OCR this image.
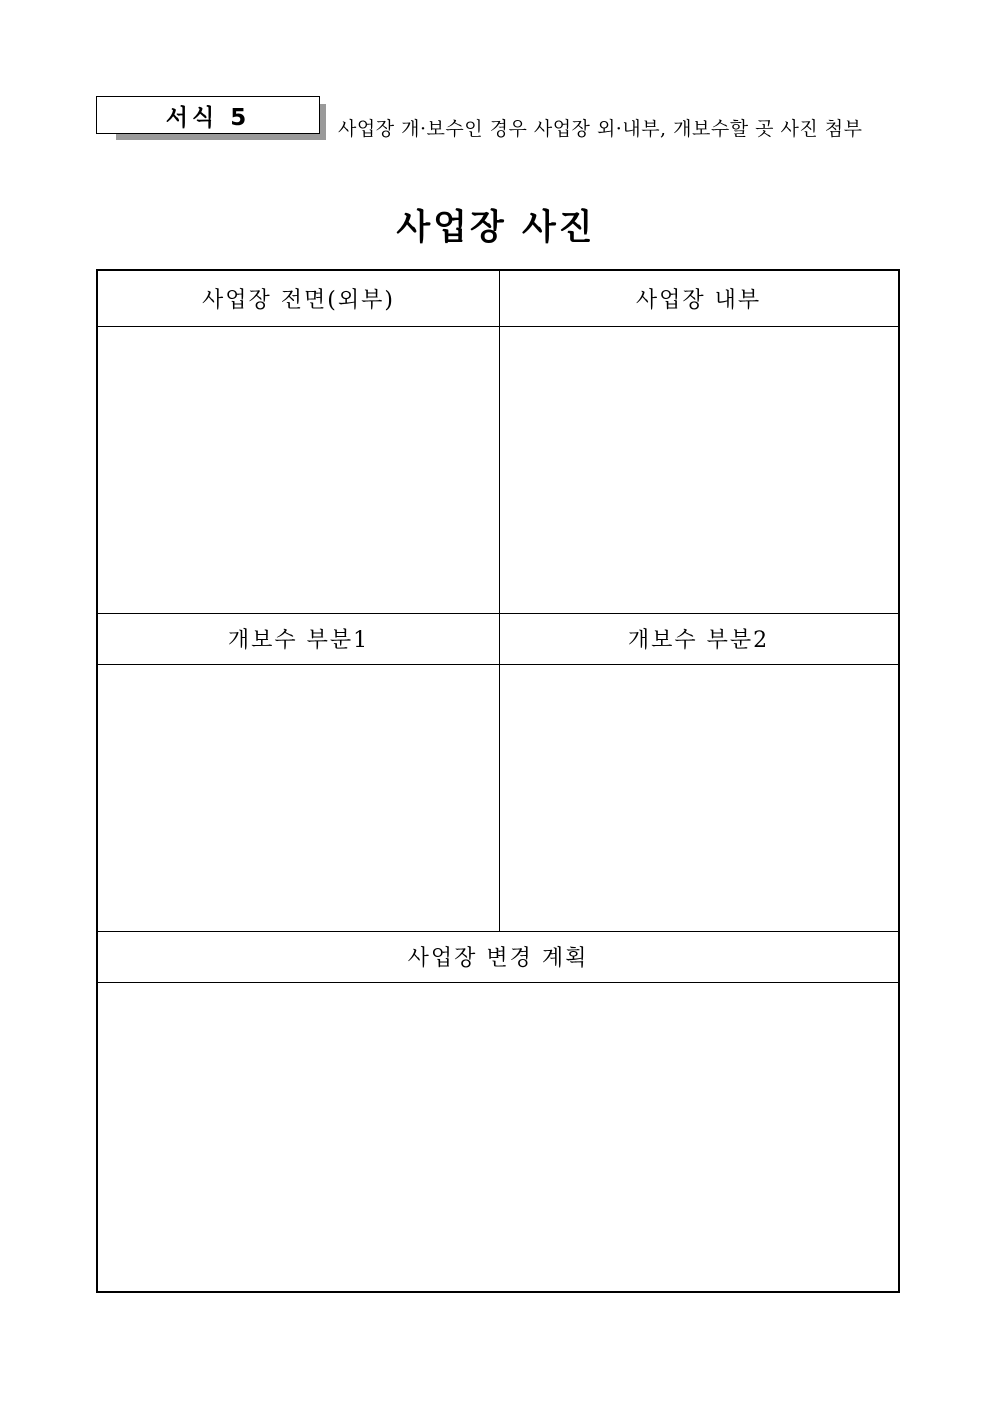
서식 5	사업장 개·보수인 경우 사업장 외·내부, 개보수할 곳 사진 첨부
사업장 사진
사업장 전면(외부)	사업장 내부
개보수 부분1	개보수 부분2
사업장 변경 계획
